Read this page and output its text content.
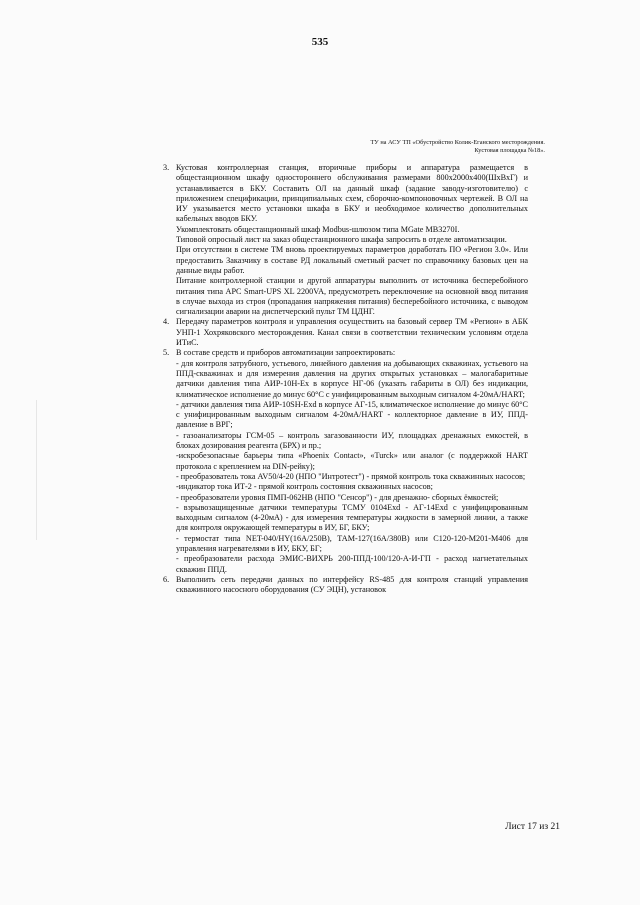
535
ТУ на АСУ ТП «Обустройство Колик-Еганского месторождения.
Кустовая площадка №18».
3. Кустовая контроллерная станция, вторичные приборы и аппаратура размещается в общестанционном шкафу одностороннего обслуживания размерами 800х2000х400(ШхВхГ) и устанавливается в БКУ. Составить ОЛ на данный шкаф (задание заводу-изготовителю) с приложением спецификации, принципиальных схем, сборочно-компоновочных чертежей. В ОЛ на ИУ указывается место установки шкафа в БКУ и необходимое количество дополнительных кабельных вводов БКУ.

Укомплектовать общестанционный шкаф Modbus-шлюзом типа MGate MB3270I.

Типовой опросный лист на заказ общестанционного шкафа запросить в отделе автоматизации.

При отсутствии в системе ТМ вновь проектируемых параметров доработать ПО «Регион 3.0». Или предоставить Заказчику в составе РД локальный сметный расчет по справочнику базовых цен на данные виды работ.

Питание контроллерной станции и другой аппаратуры выполнить от источника бесперебойного питания типа APC Smart-UPS XL 2200VA, предусмотреть переключение на основной ввод питания в случае выхода из строя (пропадания напряжения питания) бесперебойного источника, с выводом сигнализации аварии на диспетчерский пульт ТМ ЦДНГ.

4. Передачу параметров контроля и управления осуществить на базовый сервер ТМ «Регион» в АБК УНП-1 Хохряковского месторождения. Канал связи в соответствии техническим условиям отдела ИТиС.

5. В составе средств и приборов автоматизации запроектировать:

- для контроля затрубного, устьевого, линейного давления на добывающих скважинах, устьевого на ППД-скважинах и для измерения давления на других открытых установках – малогабаритные датчики давления типа АИР-10Н-Ех в корпусе НГ-06 (указать габариты в ОЛ) без индикации, климатическое исполнение до минус 60°С с унифицированным выходным сигналом 4-20мА/HART;

- датчики давления типа АИР-10SH-Exd в корпусе АГ-15, климатическое исполнение до минус 60°С с унифицированным выходным сигналом 4-20мА/HART - коллекторное давление в ИУ, ППД-давление в ВРГ;

- газоанализаторы ГСМ-05 – контроль загазованности ИУ, площадках дренажных емкостей, в блоках дозирования реагента (БРХ) и пр.;

-искробезопасные барьеры типа «Phoenix Contact», «Turck» или аналог (с поддержкой HART протокола с креплением на DIN-рейку);

- преобразователь тока AV50/4-20 (НПО "Интротест") - прямой контроль тока скважинных насосов;

-индикатор тока ИТ-2 - прямой контроль состояния скважинных насосов;

- преобразователи уровня ПМП-062НВ (НПО "Сенсор") - для дренажно- сборных ёмкостей;

- взрывозащищенные датчики температуры ТСМУ 0104Exd - АГ-14Exd с унифицированным выходным сигналом (4-20мА) - для измерения температуры жидкости в замерной линии, а также для контроля окружающей температуры в ИУ, БГ, БКУ;

- термостат типа NET-040/HY(16A/250В), ТАМ-127(16А/380В) или С120-120-М201-М406 для управления нагревателями в ИУ, БКУ, БГ;

- преобразователи расхода ЭМИС-ВИХРЬ 200-ППД-100/120-А-И-ГП - расход нагнетательных скважин ППД.

6. Выполнить сеть передачи данных по интерфейсу RS-485 для контроля станций управления скважинного насосного оборудования (СУ ЭЦН), установок

Лист 17 из 21
